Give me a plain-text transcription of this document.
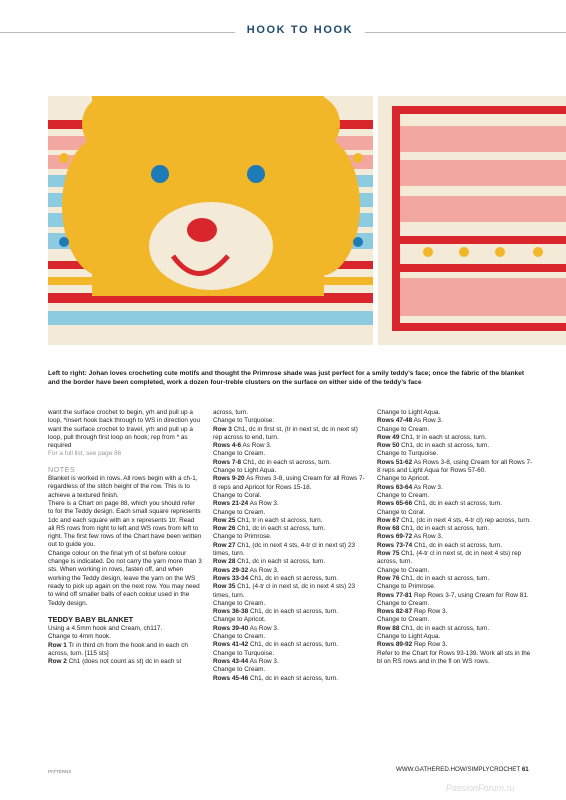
HOOK TO HOOK

Left to right: Johan loves crocheting cute motifs and thought the Primrose shade was just perfect for a smily teddy’s face; once the fabric of the blanket and the border have been completed, work a dozen four-treble clusters on the surface on either side of the teddy’s face

want the surface crochet to begin, yrh and pull up a loop, *insert hook back through to WS in direction you want the surface crochet to travel, yrh and pull up a loop, pull through first loop on hook; rep from * as required

For a full list, see page 86

NOTES

Blanket is worked in rows. All rows begin with a ch-1, regardless of the stitch height of the row. This is to achieve a textured finish.
There is a Chart on page 88, which you should refer to for the Teddy design. Each small square represents 1dc and each square with an x represents 1tr. Read all RS rows from right to left and WS rows from left to right. The first few rows of the Chart have been written out to guide you.
Change colour on the final yrh of st before colour change is indicated. Do not carry the yarn more than 3 sts. When working in rows, fasten off, and when working the Teddy design, leave the yarn on the WS ready to pick up again on the next row. You may need to wind off smaller balls of each colour used in the Teddy design.

TEDDY BABY BLANKET

Using a 4.5mm hook and Cream, ch117.
Change to 4mm hook.

Row 1 Tr in third ch from the hook and in each ch across, turn. [115 sts]

Row 2 Ch1 (does not count as st) dc in each st

across, turn.

Change to Turquoise.

Row 3 Ch1, dc in first st, (tr in next st, dc in next st) rep across to end, turn.

Rows 4-6 As Row 3.

Change to Cream.

Rows 7-8 Ch1, dc in each st across, turn.

Change to Light Aqua.

Rows 9-20 As Rows 3-8, using Cream for all Rows 7-8 reps and Apricot for Rows 15-18.

Change to Coral.

Rows 21-24 As Row 3.

Change to Cream.

Row 25 Ch1, tr in each st across, turn.

Row 26 Ch1, dc in each st across, turn.

Change to Primrose.

Row 27 Ch1, (dc in next 4 sts, 4-tr cl in next st) 23 times, turn.

Row 28 Ch1, dc in each st across, turn.

Rows 29-32 As Row 3.

Rows 33-34 Ch1, dc in each st across, turn.

Row 35 Ch1, (4-tr cl in next st, dc in next 4 sts) 23 times, turn.

Change to Cream.

Rows 36-38 Ch1, dc in each st across, turn.

Change to Apricot.

Rows 39-40 As Row 3.

Change to Cream.

Rows 41-42 Ch1, dc in each st across, turn.

Change to Turquoise.

Rows 43-44 As Row 3.

Change to Cream.

Rows 45-46 Ch1, dc in each st across, turn.

Change to Light Aqua.

Rows 47-48 As Row 3.

Change to Cream.

Row 49 Ch1, tr in each st across, turn.

Row 50 Ch1, dc in each st across, turn.

Change to Turquoise.

Rows 51-62 As Rows 3-8, using Cream for all Rows 7-8 reps and Light Aqua for Rows 57-60.

Change to Apricot.

Rows 63-64 As Row 3.

Change to Cream.

Rows 65-66 Ch1, dc in each st across, turn.

Change to Coral.

Row 67 Ch1, (dc in next 4 sts, 4-tr cl) rep across, turn.

Row 68 Ch1, dc in each st across, turn.

Rows 69-72 As Row 3.

Rows 73-74 Ch1, dc in each st across, turn.

Row 75 Ch1, (4-tr cl in next st, dc in next 4 sts) rep across, turn.

Change to Cream.

Row 76 Ch1, dc in each st across, turn.

Change to Primrose.

Rows 77-81 Rep Rows 3-7, using Cream for Row 81.

Change to Cream.

Rows 82-87 Rep Row 3.

Change to Cream.

Row 88 Ch1, dc in each st across, turn.

Change to Light Aqua.

Rows 89-92 Rep Row 3.

Refer to the Chart for Rows 93-139. Work all sts in the bl on RS rows and in the fl on WS rows.

PATTERNS	WWW.GATHERED.HOW/SIMPLYCROCHET 61
PassionForum.ru
